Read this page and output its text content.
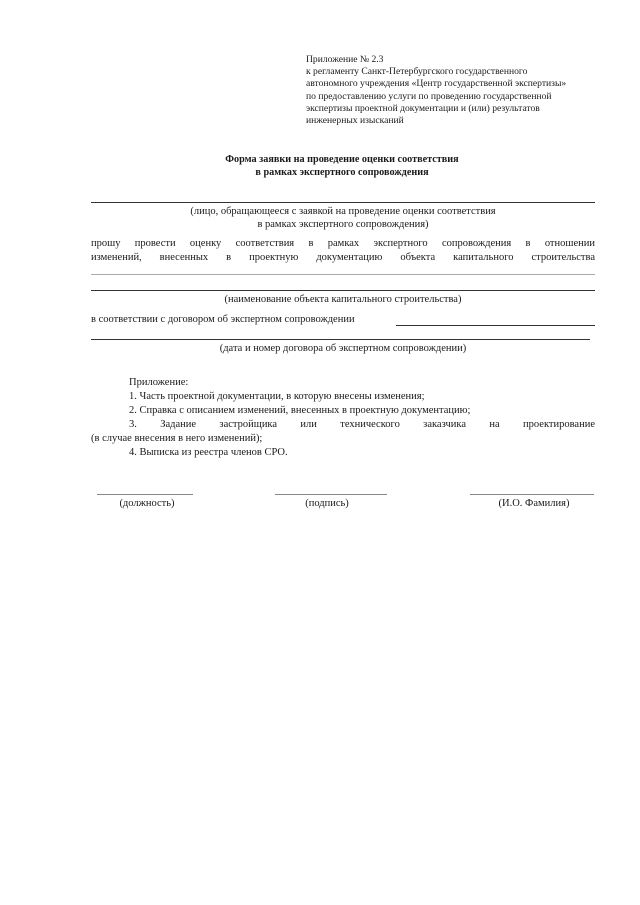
Приложение № 2.3
к регламенту Санкт-Петербургского государственного
автономного учреждения «Центр государственной экспертизы»
по предоставлению услуги по проведению государственной
экспертизы проектной документации и (или) результатов
инженерных изысканий
Форма заявки на проведение оценки соответствия
в рамках экспертного сопровождения
(лицо, обращающееся с заявкой на проведение оценки соответствия
в рамках экспертного сопровождения)
прошу провести оценку соответствия в рамках экспертного сопровождения в отношении
изменений, внесенных в проектную документацию объекта капитального строительства
(наименование объекта капитального строительства)
в соответствии с договором об экспертном сопровождении
(дата и номер договора об экспертном сопровождении)
Приложение:
1. Часть проектной документации, в которую внесены изменения;
2. Справка с описанием изменений, внесенных в проектную документацию;
3. Задание застройщика или технического заказчика на проектирование
(в случае внесения в него изменений);
4. Выписка из реестра членов СРО.
(должность)	(подпись)	(И.О. Фамилия)
